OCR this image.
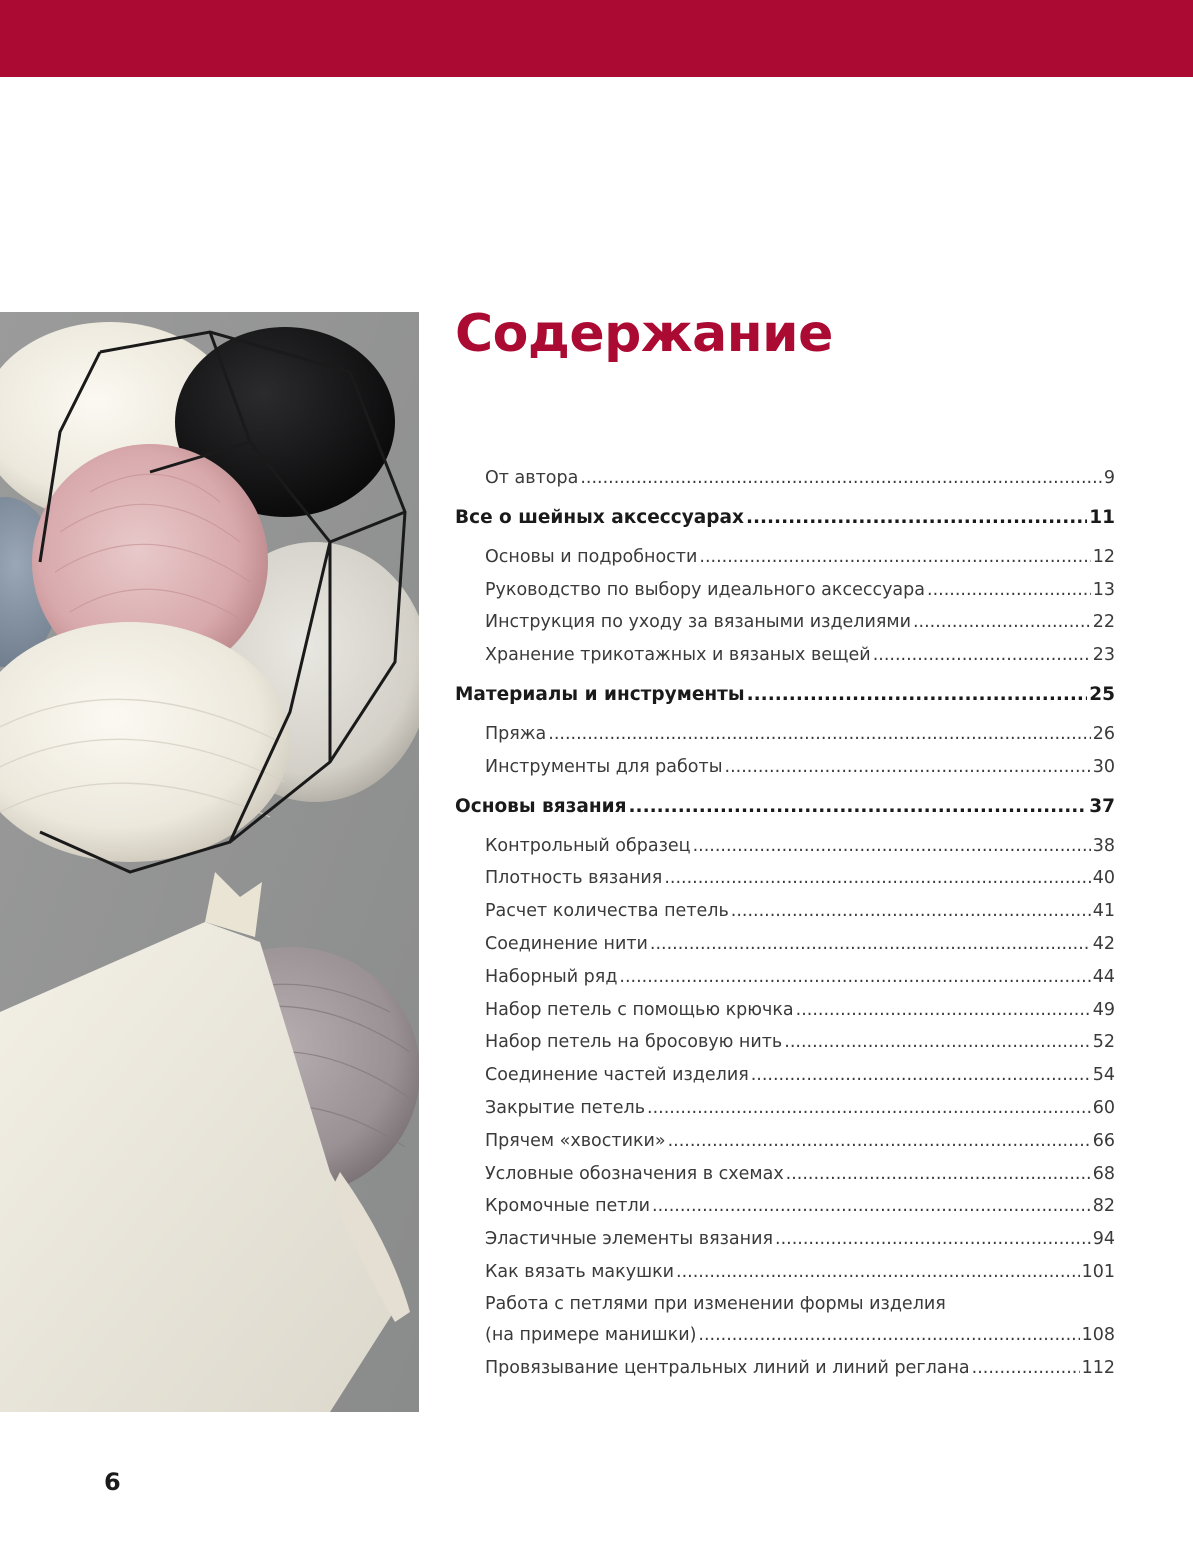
Содержание
От автора .....	9
Все о шейных аксессуарах .....	11
Основы и подробности .....	12
Руководство по выбору идеального аксессуара .....	13
Инструкция по уходу за вязаными изделиями .....	22
Хранение трикотажных и вязаных вещей .....	23
Материалы и инструменты .....	25
Пряжа .....	26
Инструменты для работы .....	30
Основы вязания .....	37
Контрольный образец .....	38
Плотность вязания .....	40
Расчет количества петель .....	41
Соединение нити .....	42
Наборный ряд .....	44
Набор петель с помощью крючка .....	49
Набор петель на бросовую нить .....	52
Соединение частей изделия .....	54
Закрытие петель .....	60
Прячем «хвостики» .....	66
Условные обозначения в схемах .....	68
Кромочные петли .....	82
Эластичные элементы вязания .....	94
Как вязать макушки .....	101
Работа с петлями при изменении формы изделия
(на примере манишки) .....	108
Провязывание центральных линий и линий реглана .....	112
6
